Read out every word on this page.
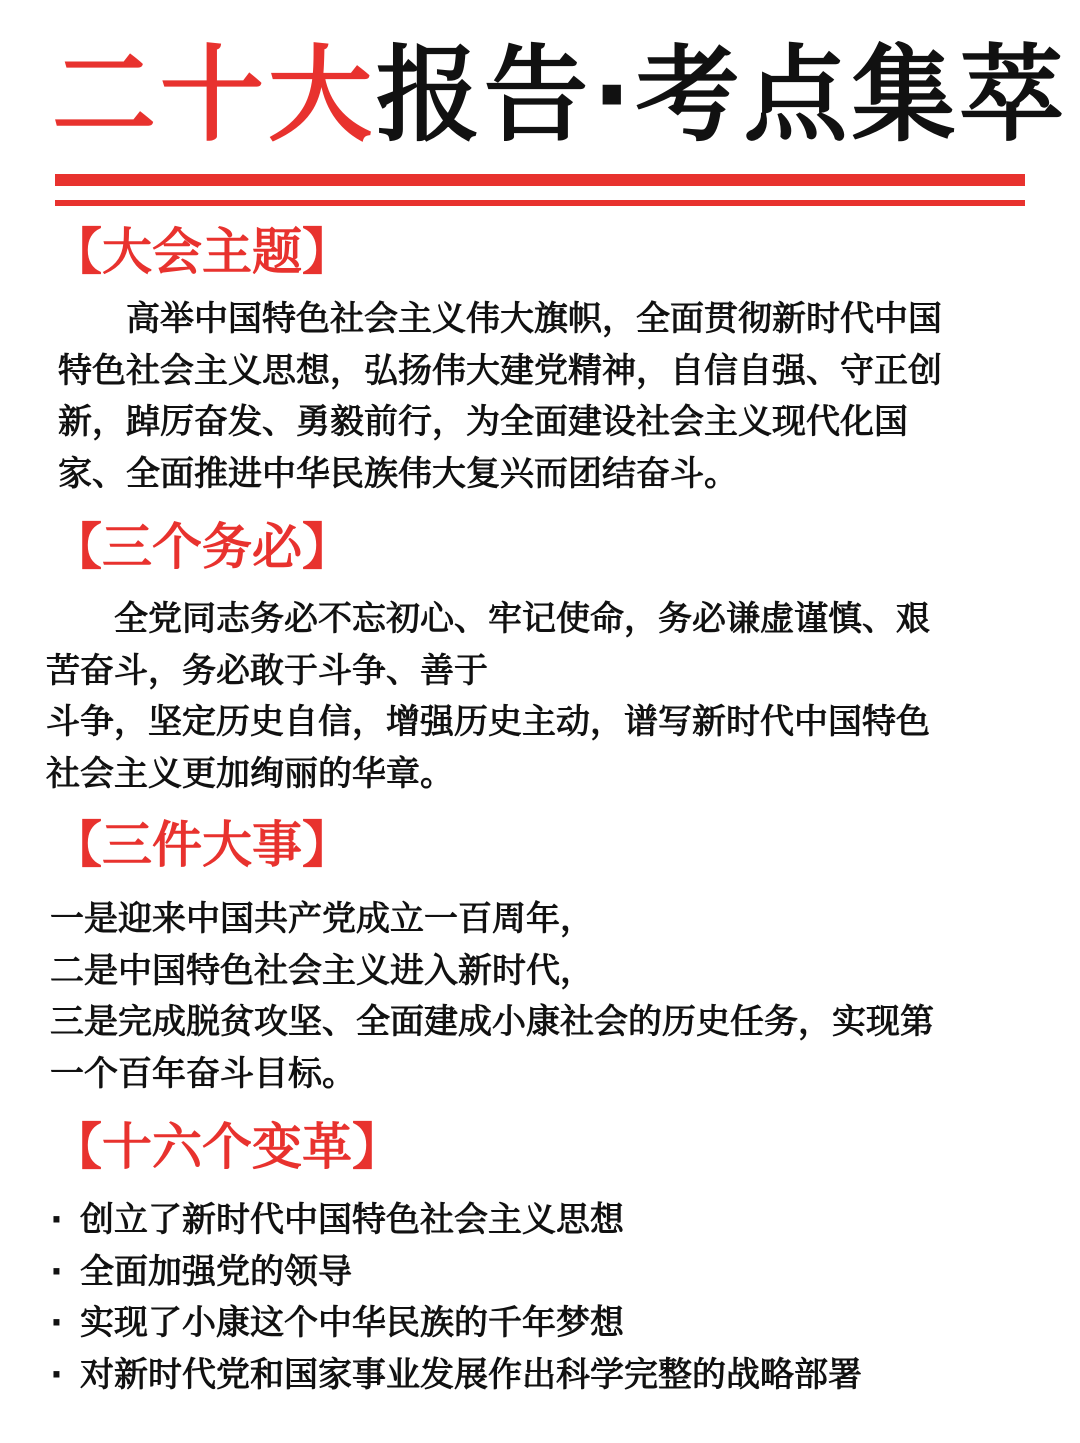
二十大报告·考点集萃
【大会主题】
　　高举中国特色社会主义伟大旗帜，全面贯彻新时代中国
特色社会主义思想，弘扬伟大建党精神，自信自强、守正创
新，踔厉奋发、勇毅前行，为全面建设社会主义现代化国
家、全面推进中华民族伟大复兴而团结奋斗。
【三个务必】
　　全党同志务必不忘初心、牢记使命，务必谦虚谨慎、艰
苦奋斗，务必敢于斗争、善于
斗争，坚定历史自信，增强历史主动，谱写新时代中国特色
社会主义更加绚丽的华章。
【三件大事】
一是迎来中国共产党成立一百周年，
二是中国特色社会主义进入新时代，
三是完成脱贫攻坚、全面建成小康社会的历史任务，实现第
一个百年奋斗目标。
【十六个变革】
· 创立了新时代中国特色社会主义思想
· 全面加强党的领导
· 实现了小康这个中华民族的千年梦想
· 对新时代党和国家事业发展作出科学完整的战略部署
